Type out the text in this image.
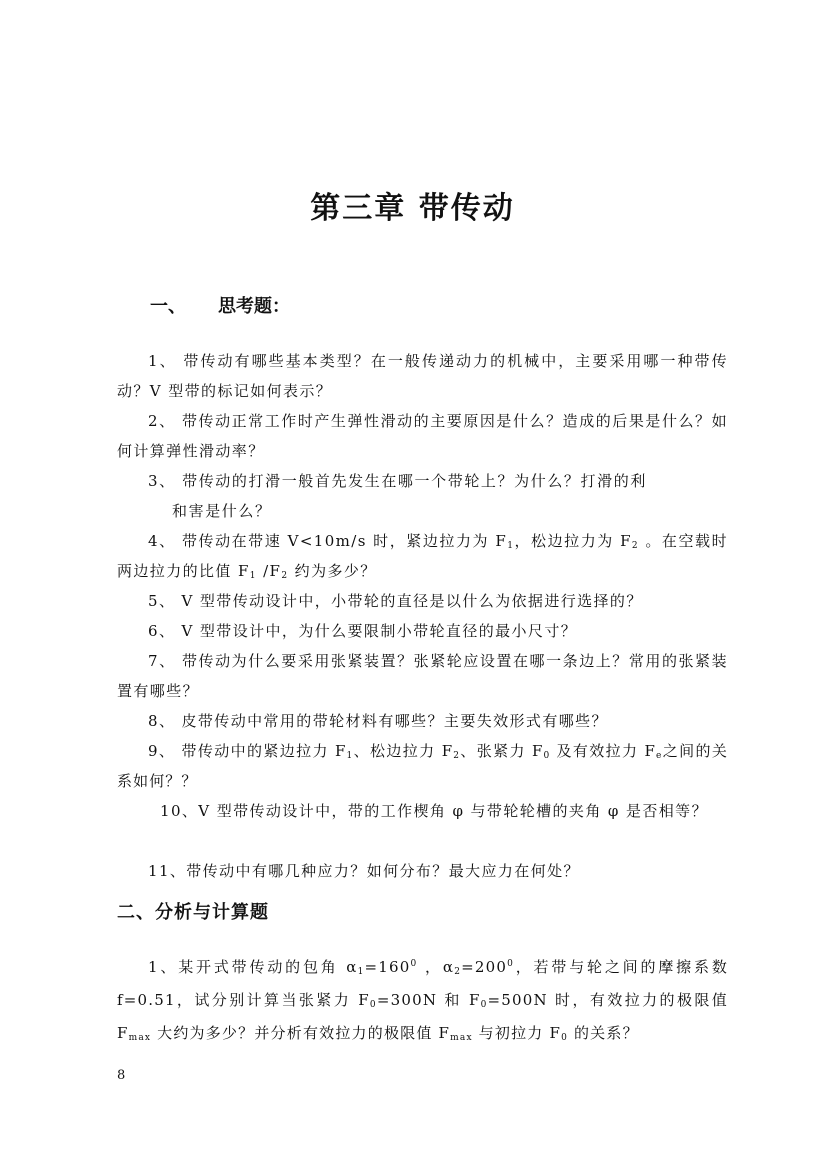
第三章 带传动
一、 思考题：
1、 带传动有哪些基本类型？在一般传递动力的机械中，主要采用哪一种带传动？V 型带的标记如何表示？
2、 带传动正常工作时产生弹性滑动的主要原因是什么？造成的后果是什么？如何计算弹性滑动率？
3、 带传动的打滑一般首先发生在哪一个带轮上？为什么？打滑的利
和害是什么？
4、 带传动在带速 V<10m/s 时，紧边拉力为 $F_1$，松边拉力为 $F_2$ 。在空载时两边拉力的比值 $F_1$ $/F_2$ 约为多少？
5、 V 型带传动设计中，小带轮的直径是以什么为依据进行选择的？
6、 V 型带设计中，为什么要限制小带轮直径的最小尺寸？
7、 带传动为什么要采用张紧装置？张紧轮应设置在哪一条边上？常用的张紧装置有哪些？
8、 皮带传动中常用的带轮材料有哪些？主要失效形式有哪些？
9、 带传动中的紧边拉力 $F_1$、松边拉力 $F_2$、张紧力 $F_0$ 及有效拉力 $F_e$之间的关系如何？？
10、V 型带传动设计中，带的工作楔角 φ 与带轮轮槽的夹角 φ 是否相等？
11、带传动中有哪几种应力？如何分布？最大应力在何处？
二、分析与计算题
1、某开式带传动的包角 $\alpha_1=160^0$ ，$\alpha_2=200^0$，若带与轮之间的摩擦系数 f=0.51，试分别计算当张紧力 $F_0=300N$ 和 $F_0=500N$ 时，有效拉力的极限值 $F_{max}$ 大约为多少？并分析有效拉力的极限值 $F_{max}$ 与初拉力 $F_0$ 的关系？
8
